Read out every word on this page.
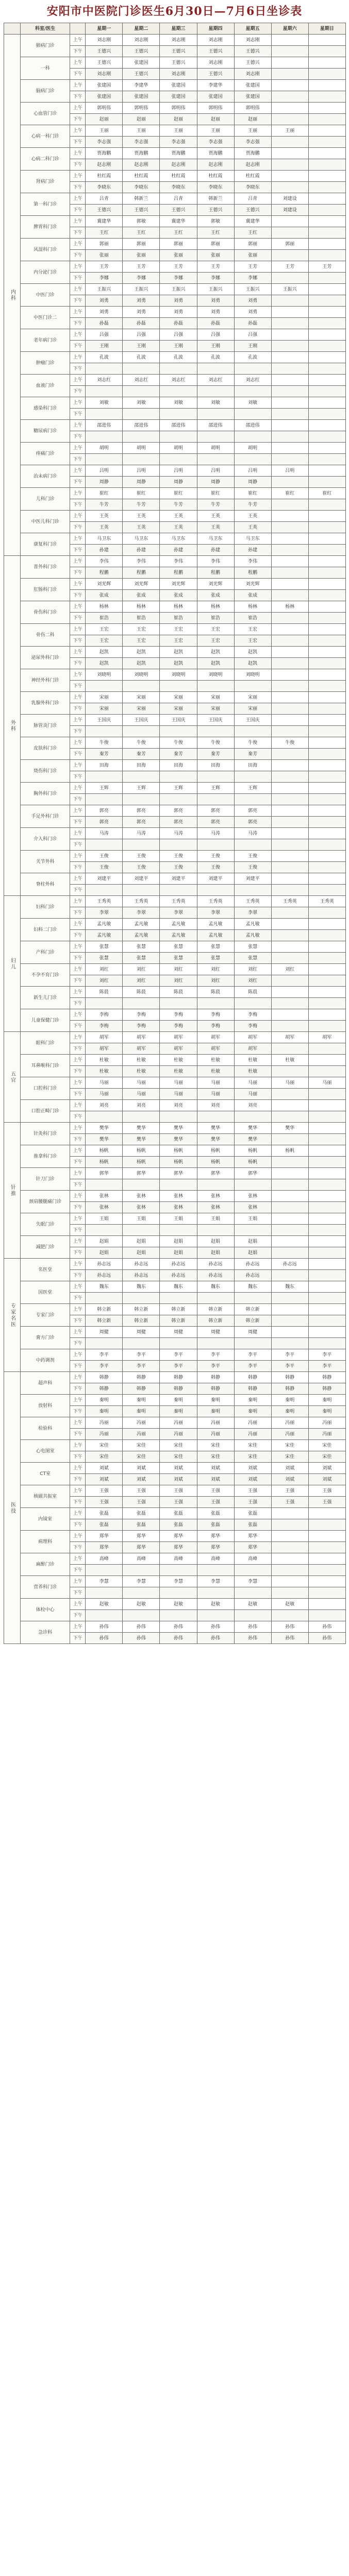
安阳市中医院门诊医生6月30日—7月6日坐诊表
	科室/医生		星期一	星期二	星期三	星期四	星期五	星期六	星期日
内科	肺病门诊	上午	刘志刚	刘志刚	刘志刚	刘志刚	刘志刚		
		下午	王德兴	王德兴	王德兴	王德兴	王德兴		
	一科	上午	王德兴	张建国	王德兴	刘志刚	王德兴		
		下午	刘志刚	王德兴	刘志刚	王德兴	刘志刚		
	脑病门诊	上午	张建国	李建华	张建国	李建华	张建国		
		下午	张建国	张建国	张建国	张建国	张建国		
	心血管门诊	上午	郭明伟	郭明伟	郭明伟	郭明伟	郭明伟		
		下午	赵丽	赵丽	赵丽	赵丽	赵丽		
	心病一科门诊	上午	王丽	王丽	王丽	王丽	王丽	王丽	
		下午	李志强	李志强	李志强	李志强	李志强		
	心病二科门诊	上午	贾海鹏	贾海鹏	贾海鹏	贾海鹏	贾海鹏		
		下午	赵志刚	赵志刚	赵志刚	赵志刚	赵志刚		
	肾病门诊	上午	杜红霞	杜红霞	杜红霞	杜红霞	杜红霞		
		下午	李晓东	李晓东	李晓东	李晓东	李晓东		
	第一科门诊	上午	吕青	韩新兰	吕青	韩新兰	吕青	刘建设	
		下午	王德兴	王德兴	王德兴	王德兴	王德兴	刘建设	
	脾胃科门诊	上午	冀建华	郭敏	冀建华	郭敏	冀建华		
		下午	王红	王红	王红	王红	王红		
	风湿科门诊	上午	郭丽	郭丽	郭丽	郭丽	郭丽	郭丽	
		下午	张丽	张丽	张丽	张丽	张丽		
	内分泌门诊	上午	王芳	王芳	王芳	王芳	王芳	王芳	王芳
		下午	李娜	李娜	李娜	李娜	李娜		
	中医门诊	上午	王振兴	王振兴	王振兴	王振兴	王振兴	王振兴	
		下午	刘勇	刘勇	刘勇	刘勇	刘勇		
	中医门诊二	上午	刘勇	刘勇	刘勇	刘勇	刘勇		
		下午	孙磊	孙磊	孙磊	孙磊	孙磊		
	老年病门诊	上午	吕强	吕强	吕强	吕强	吕强		
		下午	王刚	王刚	王刚	王刚	王刚		
	肿瘤门诊	上午	孔波	孔波	孔波	孔波	孔波		
		下午							
	血液门诊	上午	刘志红	刘志红	刘志红	刘志红	刘志红		
		下午							
	感染科门诊	上午	刘敏	刘敏	刘敏	刘敏	刘敏		
		下午							
	糖尿病门诊	上午	邵进伟	邵进伟	邵进伟	邵进伟	邵进伟		
		下午							
	疼痛门诊	上午	胡明	胡明	胡明	胡明	胡明		
		下午							
	治未病门诊	上午	吕明	吕明	吕明	吕明	吕明	吕明	
		下午	周静	周静	周静	周静	周静		
	儿科门诊	上午	崔红	崔红	崔红	崔红	崔红	崔红	崔红
		下午	牛芳	牛芳	牛芳	牛芳	牛芳		
	中医儿科门诊	上午	王英	王英	王英	王英	王英		
		下午	王英	王英	王英	王英	王英		
	康复科门诊	上午	马卫东	马卫东	马卫东	马卫东	马卫东		
		下午	孙建	孙建	孙建	孙建	孙建		
外科	普外科门诊	上午	李伟	李伟	李伟	李伟	李伟		
		下午	程鹏	程鹏	程鹏	程鹏	程鹏		
	肛肠科门诊	上午	刘光辉	刘光辉	刘光辉	刘光辉	刘光辉		
		下午	张成	张成	张成	张成	张成		
	骨伤科门诊	上午	杨林	杨林	杨林	杨林	杨林	杨林	
		下午	崔浩	崔浩	崔浩	崔浩	崔浩		
	骨伤二科	上午	王宏	王宏	王宏	王宏	王宏		
		下午	王宏	王宏	王宏	王宏	王宏		
	泌尿外科门诊	上午	赵凯	赵凯	赵凯	赵凯	赵凯		
		下午	赵凯	赵凯	赵凯	赵凯	赵凯		
	神经外科门诊	上午	刘晓明	刘晓明	刘晓明	刘晓明	刘晓明		
		下午							
	乳腺外科门诊	上午	宋丽	宋丽	宋丽	宋丽	宋丽		
		下午	宋丽	宋丽	宋丽	宋丽	宋丽		
	脉管炎门诊	上午	王国庆	王国庆	王国庆	王国庆	王国庆		
		下午							
	皮肤科门诊	上午	牛俊	牛俊	牛俊	牛俊	牛俊	牛俊	
		下午	秦芳	秦芳	秦芳	秦芳	秦芳		
	烧伤科门诊	上午	田海	田海	田海	田海	田海		
		下午							
	胸外科门诊	上午	王辉	王辉	王辉	王辉	王辉		
		下午							
	手足外科门诊	上午	郭亮	郭亮	郭亮	郭亮	郭亮		
		下午	郭亮	郭亮	郭亮	郭亮	郭亮		
	介入科门诊	上午	马涛	马涛	马涛	马涛	马涛		
		下午							
	关节外科	上午	王俊	王俊	王俊	王俊	王俊		
		下午	王俊	王俊	王俊	王俊	王俊		
	脊柱外科	上午	刘建平	刘建平	刘建平	刘建平	刘建平		
		下午							
妇儿	妇科门诊	上午	王秀英	王秀英	王秀英	王秀英	王秀英	王秀英	王秀英
		下午	李翠	李翠	李翠	李翠	李翠		
	妇科二门诊	上午	孟凡敏	孟凡敏	孟凡敏	孟凡敏	孟凡敏		
		下午	孟凡敏	孟凡敏	孟凡敏	孟凡敏	孟凡敏		
	产科门诊	上午	张慧	张慧	张慧	张慧	张慧		
		下午	张慧	张慧	张慧	张慧	张慧		
	不孕不育门诊	上午	刘红	刘红	刘红	刘红	刘红	刘红	
		下午	刘红	刘红	刘红	刘红	刘红		
	新生儿门诊	上午	陈晨	陈晨	陈晨	陈晨	陈晨		
		下午							
	儿童保健门诊	上午	李梅	李梅	李梅	李梅	李梅		
		下午	李梅	李梅	李梅	李梅	李梅		
五官	眼科门诊	上午	胡军	胡军	胡军	胡军	胡军	胡军	胡军
		下午	胡军	胡军	胡军	胡军	胡军		
	耳鼻喉科门诊	上午	杜敏	杜敏	杜敏	杜敏	杜敏	杜敏	
		下午	杜敏	杜敏	杜敏	杜敏	杜敏		
	口腔科门诊	上午	马丽	马丽	马丽	马丽	马丽	马丽	马丽
		下午	马丽	马丽	马丽	马丽	马丽		
	口腔正畸门诊	上午	刘亮	刘亮	刘亮	刘亮	刘亮		
		下午							
针推	针灸科门诊	上午	樊华	樊华	樊华	樊华	樊华	樊华	
		下午	樊华	樊华	樊华	樊华	樊华		
	推拿科门诊	上午	杨帆	杨帆	杨帆	杨帆	杨帆	杨帆	
		下午	杨帆	杨帆	杨帆	杨帆	杨帆		
	针刀门诊	上午	郭华	郭华	郭华	郭华	郭华		
		下午							
	颈肩腰腿痛门诊	上午	张林	张林	张林	张林	张林		
		下午	张林	张林	张林	张林	张林		
	失眠门诊	上午	王娟	王娟	王娟	王娟	王娟		
		下午							
	减肥门诊	上午	赵娟	赵娟	赵娟	赵娟	赵娟		
		下午	赵娟	赵娟	赵娟	赵娟	赵娟		
专家名医	名医堂	上午	孙志远	孙志远	孙志远	孙志远	孙志远	孙志远	
		下午	孙志远	孙志远	孙志远	孙志远	孙志远		
	国医堂	上午	魏东	魏东	魏东	魏东	魏东	魏东	
		下午							
	专家门诊	上午	韩立新	韩立新	韩立新	韩立新	韩立新		
		下午	韩立新	韩立新	韩立新	韩立新	韩立新		
	膏方门诊	上午	周健	周健	周健	周健	周健		
		下午							
	中药调剂	上午	李平	李平	李平	李平	李平	李平	李平
		下午	李平	李平	李平	李平	李平	李平	李平
医技	超声科	上午	韩静	韩静	韩静	韩静	韩静	韩静	韩静
		下午	韩静	韩静	韩静	韩静	韩静	韩静	韩静
	放射科	上午	秦明	秦明	秦明	秦明	秦明	秦明	秦明
		下午	秦明	秦明	秦明	秦明	秦明	秦明	秦明
	检验科	上午	冯丽	冯丽	冯丽	冯丽	冯丽	冯丽	冯丽
		下午	冯丽	冯丽	冯丽	冯丽	冯丽	冯丽	冯丽
	心电图室	上午	宋佳	宋佳	宋佳	宋佳	宋佳	宋佳	宋佳
		下午	宋佳	宋佳	宋佳	宋佳	宋佳	宋佳	宋佳
	CT室	上午	刘斌	刘斌	刘斌	刘斌	刘斌	刘斌	刘斌
		下午	刘斌	刘斌	刘斌	刘斌	刘斌	刘斌	刘斌
	核磁共振室	上午	王强	王强	王强	王强	王强	王强	王强
		下午	王强	王强	王强	王强	王强	王强	王强
	内镜室	上午	张磊	张磊	张磊	张磊	张磊		
		下午	张磊	张磊	张磊	张磊	张磊		
	病理科	上午	郑华	郑华	郑华	郑华	郑华		
		下午	郑华	郑华	郑华	郑华	郑华		
	麻醉门诊	上午	高峰	高峰	高峰	高峰	高峰		
		下午							
	营养科门诊	上午	李慧	李慧	李慧	李慧	李慧		
		下午							
	体检中心	上午	赵敏	赵敏	赵敏	赵敏	赵敏	赵敏	
		下午							
	急诊科	上午	孙伟	孙伟	孙伟	孙伟	孙伟	孙伟	孙伟
		下午	孙伟	孙伟	孙伟	孙伟	孙伟	孙伟	孙伟
